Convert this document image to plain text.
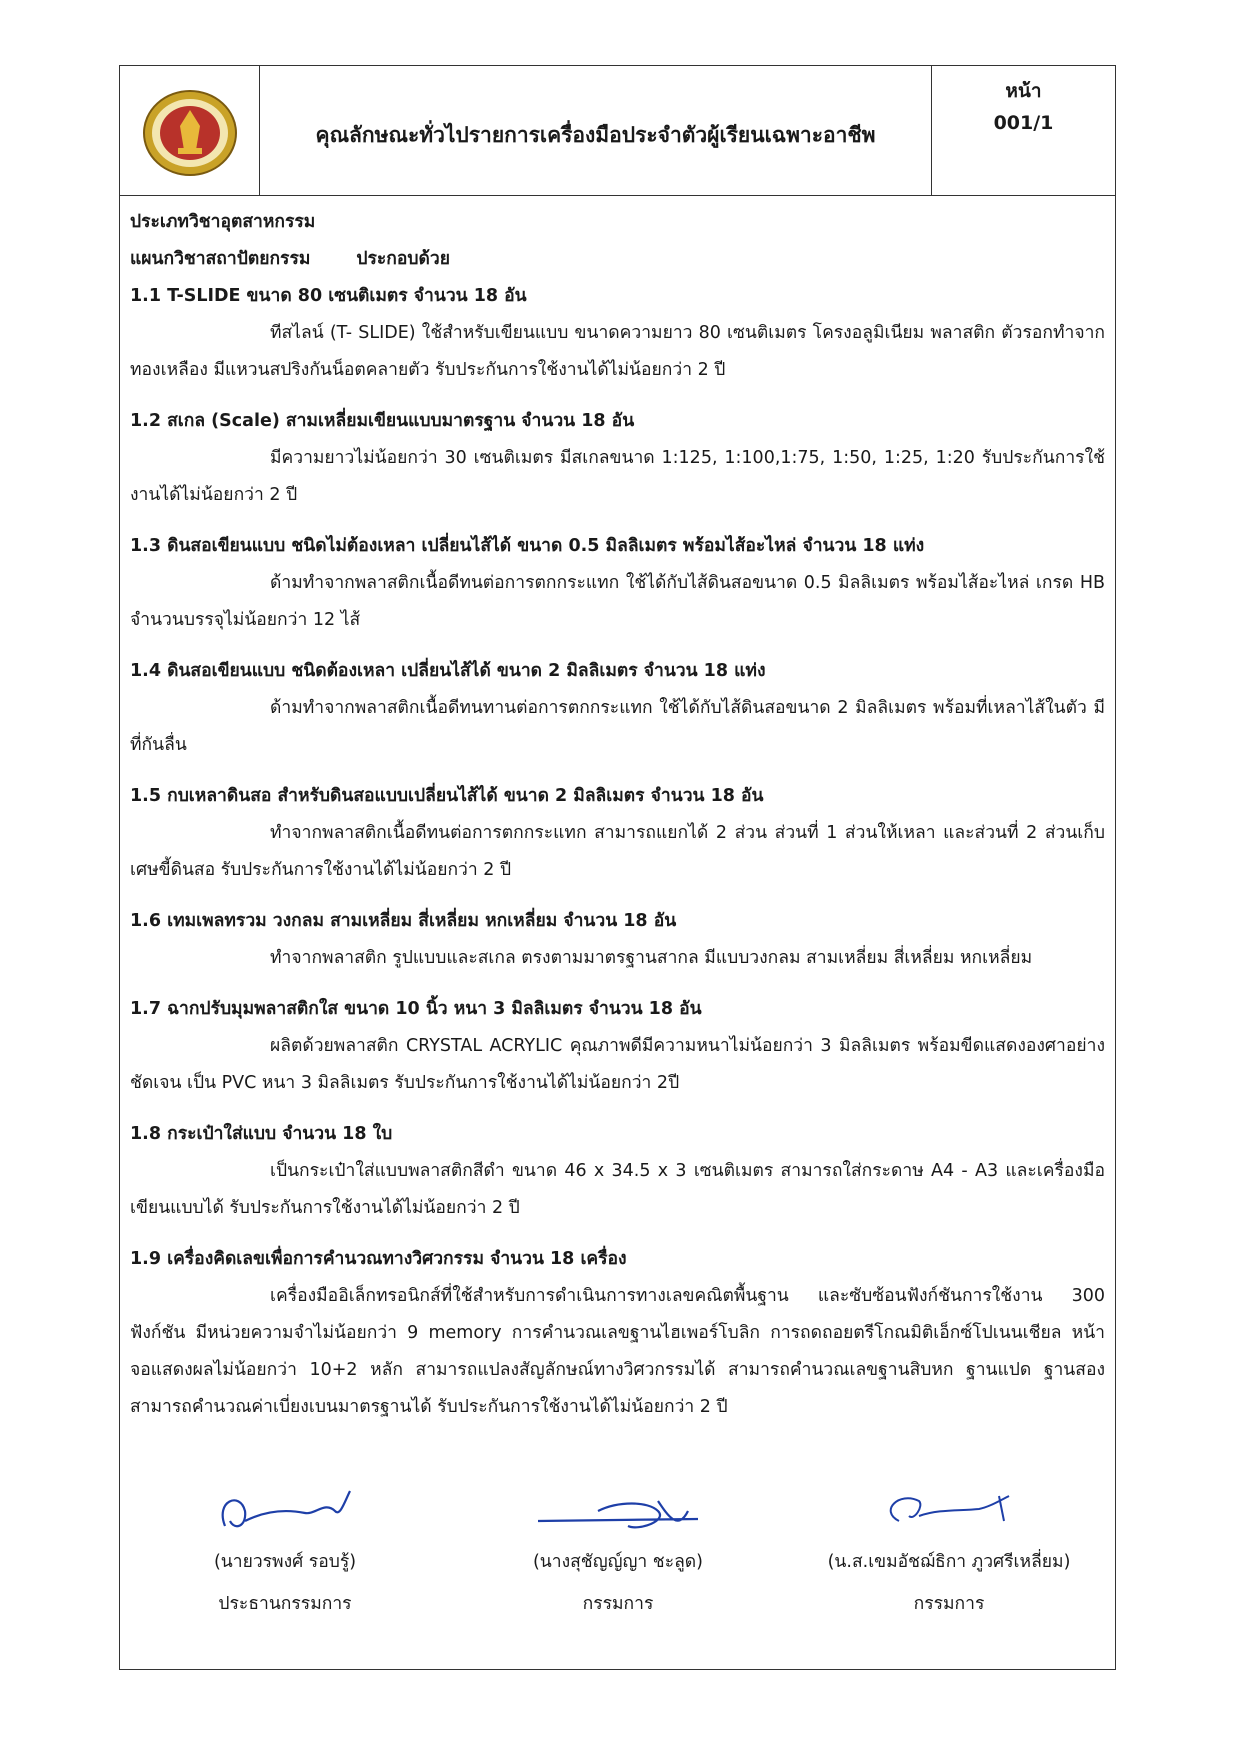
คุณลักษณะทั่วไปรายการเครื่องมือประจำตัวผู้เรียนเฉพาะอาชีพ
หน้า
001/1
ประเภทวิชาอุตสาหกรรม
แผนกวิชาสถาปัตยกรรม	ประกอบด้วย
1.1 T-SLIDE ขนาด 80 เซนติเมตร จำนวน 18 อัน
ทีสไลน์ (T- SLIDE) ใช้สำหรับเขียนแบบ ขนาดความยาว 80 เซนติเมตร โครงอลูมิเนียม พลาสติก ตัวรอกทำจากทองเหลือง มีแหวนสปริงกันน็อตคลายตัว รับประกันการใช้งานได้ไม่น้อยกว่า 2 ปี
1.2 สเกล (Scale) สามเหลี่ยมเขียนแบบมาตรฐาน จำนวน 18 อัน
มีความยาวไม่น้อยกว่า 30 เซนติเมตร มีสเกลขนาด 1:125, 1:100,1:75, 1:50, 1:25, 1:20 รับประกันการใช้งานได้ไม่น้อยกว่า 2 ปี
1.3 ดินสอเขียนแบบ ชนิดไม่ต้องเหลา เปลี่ยนไส้ได้ ขนาด 0.5 มิลลิเมตร พร้อมไส้อะไหล่ จำนวน 18 แท่ง
ด้ามทำจากพลาสติกเนื้อดีทนต่อการตกกระแทก ใช้ได้กับไส้ดินสอขนาด 0.5 มิลลิเมตร พร้อมไส้อะไหล่ เกรด HB จำนวนบรรจุไม่น้อยกว่า 12 ไส้
1.4 ดินสอเขียนแบบ ชนิดต้องเหลา เปลี่ยนไส้ได้ ขนาด 2 มิลลิเมตร จำนวน 18 แท่ง
ด้ามทำจากพลาสติกเนื้อดีทนทานต่อการตกกระแทก ใช้ได้กับไส้ดินสอขนาด 2 มิลลิเมตร พร้อมที่เหลาไส้ในตัว มีที่กันลื่น
1.5 กบเหลาดินสอ สำหรับดินสอแบบเปลี่ยนไส้ได้ ขนาด 2 มิลลิเมตร จำนวน 18 อัน
ทำจากพลาสติกเนื้อดีทนต่อการตกกระแทก สามารถแยกได้ 2 ส่วน ส่วนที่ 1 ส่วนให้เหลา และส่วนที่ 2 ส่วนเก็บเศษขี้ดินสอ รับประกันการใช้งานได้ไม่น้อยกว่า 2 ปี
1.6 เทมเพลทรวม วงกลม สามเหลี่ยม สี่เหลี่ยม หกเหลี่ยม จำนวน 18 อัน
ทำจากพลาสติก รูปแบบและสเกล ตรงตามมาตรฐานสากล มีแบบวงกลม สามเหลี่ยม สี่เหลี่ยม หกเหลี่ยม
1.7 ฉากปรับมุมพลาสติกใส ขนาด 10 นิ้ว หนา 3 มิลลิเมตร จำนวน 18 อัน
ผลิตด้วยพลาสติก CRYSTAL ACRYLIC คุณภาพดีมีความหนาไม่น้อยกว่า 3 มิลลิเมตร พร้อมขีดแสดงองศาอย่างชัดเจน เป็น PVC หนา 3 มิลลิเมตร รับประกันการใช้งานได้ไม่น้อยกว่า 2ปี
1.8 กระเป๋าใส่แบบ จำนวน 18 ใบ
เป็นกระเป๋าใส่แบบพลาสติกสีดำ ขนาด 46 x 34.5 x 3 เซนติเมตร สามารถใส่กระดาษ A4 - A3 และเครื่องมือเขียนแบบได้ รับประกันการใช้งานได้ไม่น้อยกว่า 2 ปี
1.9 เครื่องคิดเลขเพื่อการคำนวณทางวิศวกรรม จำนวน 18 เครื่อง
เครื่องมืออิเล็กทรอนิกส์ที่ใช้สำหรับการดำเนินการทางเลขคณิตพื้นฐาน และซับซ้อนฟังก์ชันการใช้งาน 300 ฟังก์ชัน มีหน่วยความจำไม่น้อยกว่า 9 memory การคำนวณเลขฐานไฮเพอร์โบลิก การถดถอยตรีโกณมิติเอ็กซ์โปเนนเชียล หน้าจอแสดงผลไม่น้อยกว่า 10+2 หลัก สามารถแปลงสัญลักษณ์ทางวิศวกรรมได้ สามารถคำนวณเลขฐานสิบหก ฐานแปด ฐานสอง สามารถคำนวณค่าเบี่ยงเบนมาตรฐานได้ รับประกันการใช้งานได้ไม่น้อยกว่า 2 ปี
(นายวรพงศ์ รอบรู้)
ประธานกรรมการ
(นางสุชัญญ์ญา ชะลูด)
กรรมการ
(น.ส.เขมอัชฌ์ธิกา ภูวศรีเหลี่ยม)
กรรมการ
